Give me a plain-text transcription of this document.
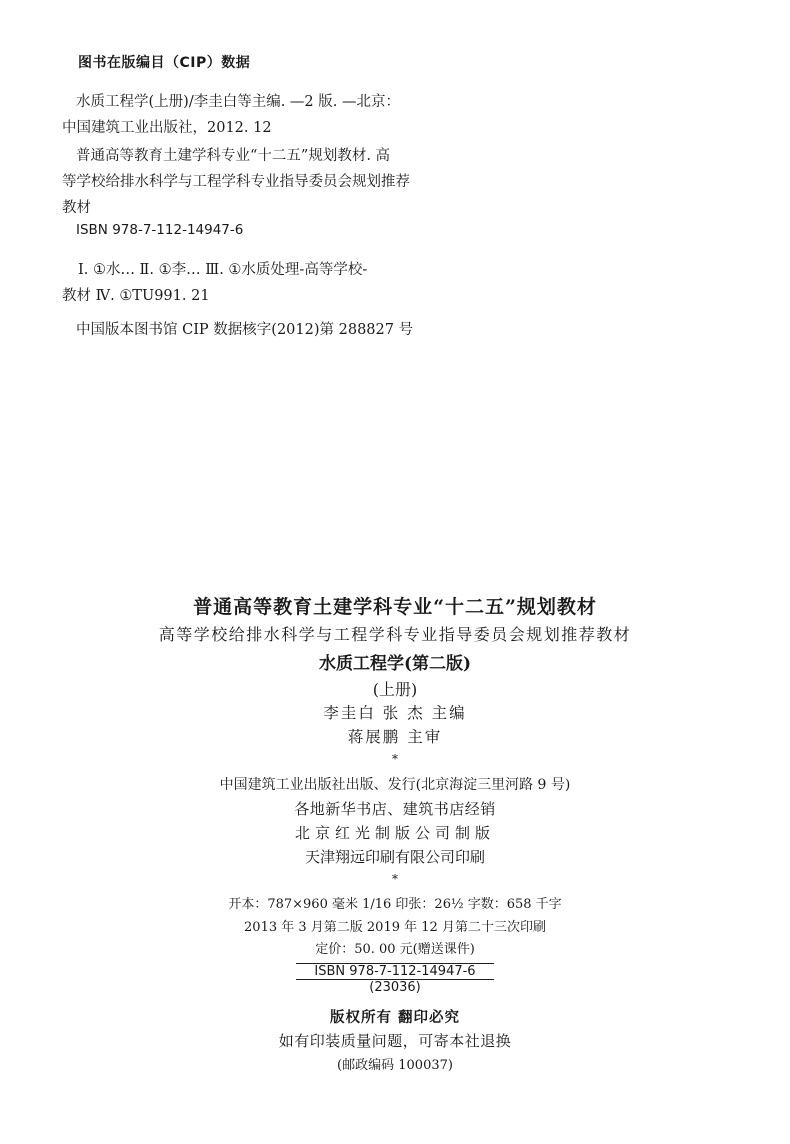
图书在版编目（CIP）数据
水质工程学(上册)/李圭白等主编. —2 版. —北京：
中国建筑工业出版社，2012. 12
普通高等教育土建学科专业“十二五”规划教材. 高
等学校给排水科学与工程学科专业指导委员会规划推荐
教材
ISBN 978-7-112-14947-6
Ⅰ. ①水… Ⅱ. ①李… Ⅲ. ①水质处理-高等学校-
教材 Ⅳ. ①TU991. 21
中国版本图书馆 CIP 数据核字(2012)第 288827 号
普通高等教育土建学科专业“十二五”规划教材
高等学校给排水科学与工程学科专业指导委员会规划推荐教材
水质工程学(第二版)
(上册)
李圭白 张 杰 主编
蒋展鹏 主审
*
中国建筑工业出版社出版、发行(北京海淀三里河路 9 号)
各地新华书店、建筑书店经销
北京红光制版公司制版
天津翔远印刷有限公司印刷
*
开本：787×960 毫米 1/16 印张：26½ 字数：658 千字
2013 年 3 月第二版 2019 年 12 月第二十三次印刷
定价：50. 00 元(赠送课件)
ISBN 978-7-112-14947-6
(23036)
版权所有 翻印必究
如有印装质量问题，可寄本社退换
(邮政编码 100037)
